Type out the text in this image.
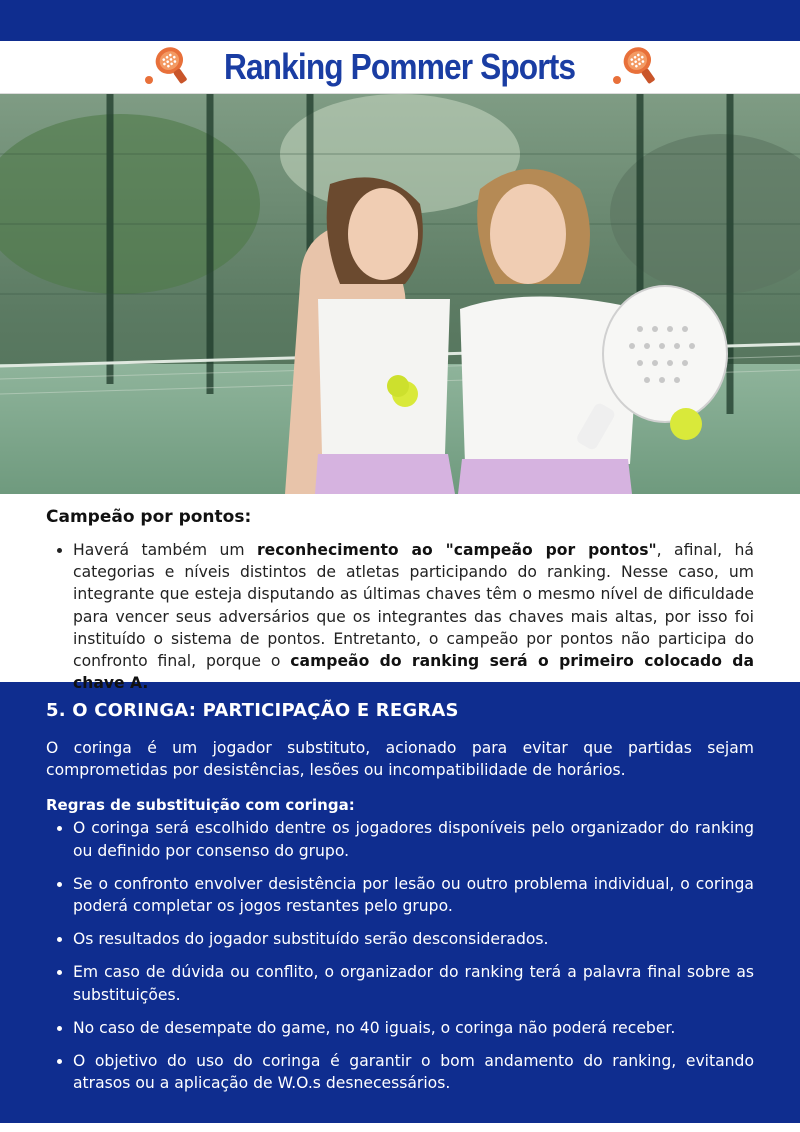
Ranking Pommer Sports
Campeão por pontos:
• Haverá também um reconhecimento ao "campeão por pontos", afinal, há categorias e níveis distintos de atletas participando do ranking. Nesse caso, um integrante que esteja disputando as últimas chaves têm o mesmo nível de dificuldade para vencer seus adversários que os integrantes das chaves mais altas, por isso foi instituído o sistema de pontos. Entretanto, o campeão por pontos não participa do confronto final, porque o campeão do ranking será o primeiro colocado da chave A.
5. O CORINGA: PARTICIPAÇÃO E REGRAS

O coringa é um jogador substituto, acionado para evitar que partidas sejam comprometidas por desistências, lesões ou incompatibilidade de horários.

Regras de substituição com coringa:

• O coringa será escolhido dentre os jogadores disponíveis pelo organizador do ranking ou definido por consenso do grupo.
• Se o confronto envolver desistência por lesão ou outro problema individual, o coringa poderá completar os jogos restantes pelo grupo.
• Os resultados do jogador substituído serão desconsiderados.
• Em caso de dúvida ou conflito, o organizador do ranking terá a palavra final sobre as substituições.
• No caso de desempate do game, no 40 iguais, o coringa não poderá receber.
• O objetivo do uso do coringa é garantir o bom andamento do ranking, evitando atrasos ou a aplicação de W.O.s desnecessários.
